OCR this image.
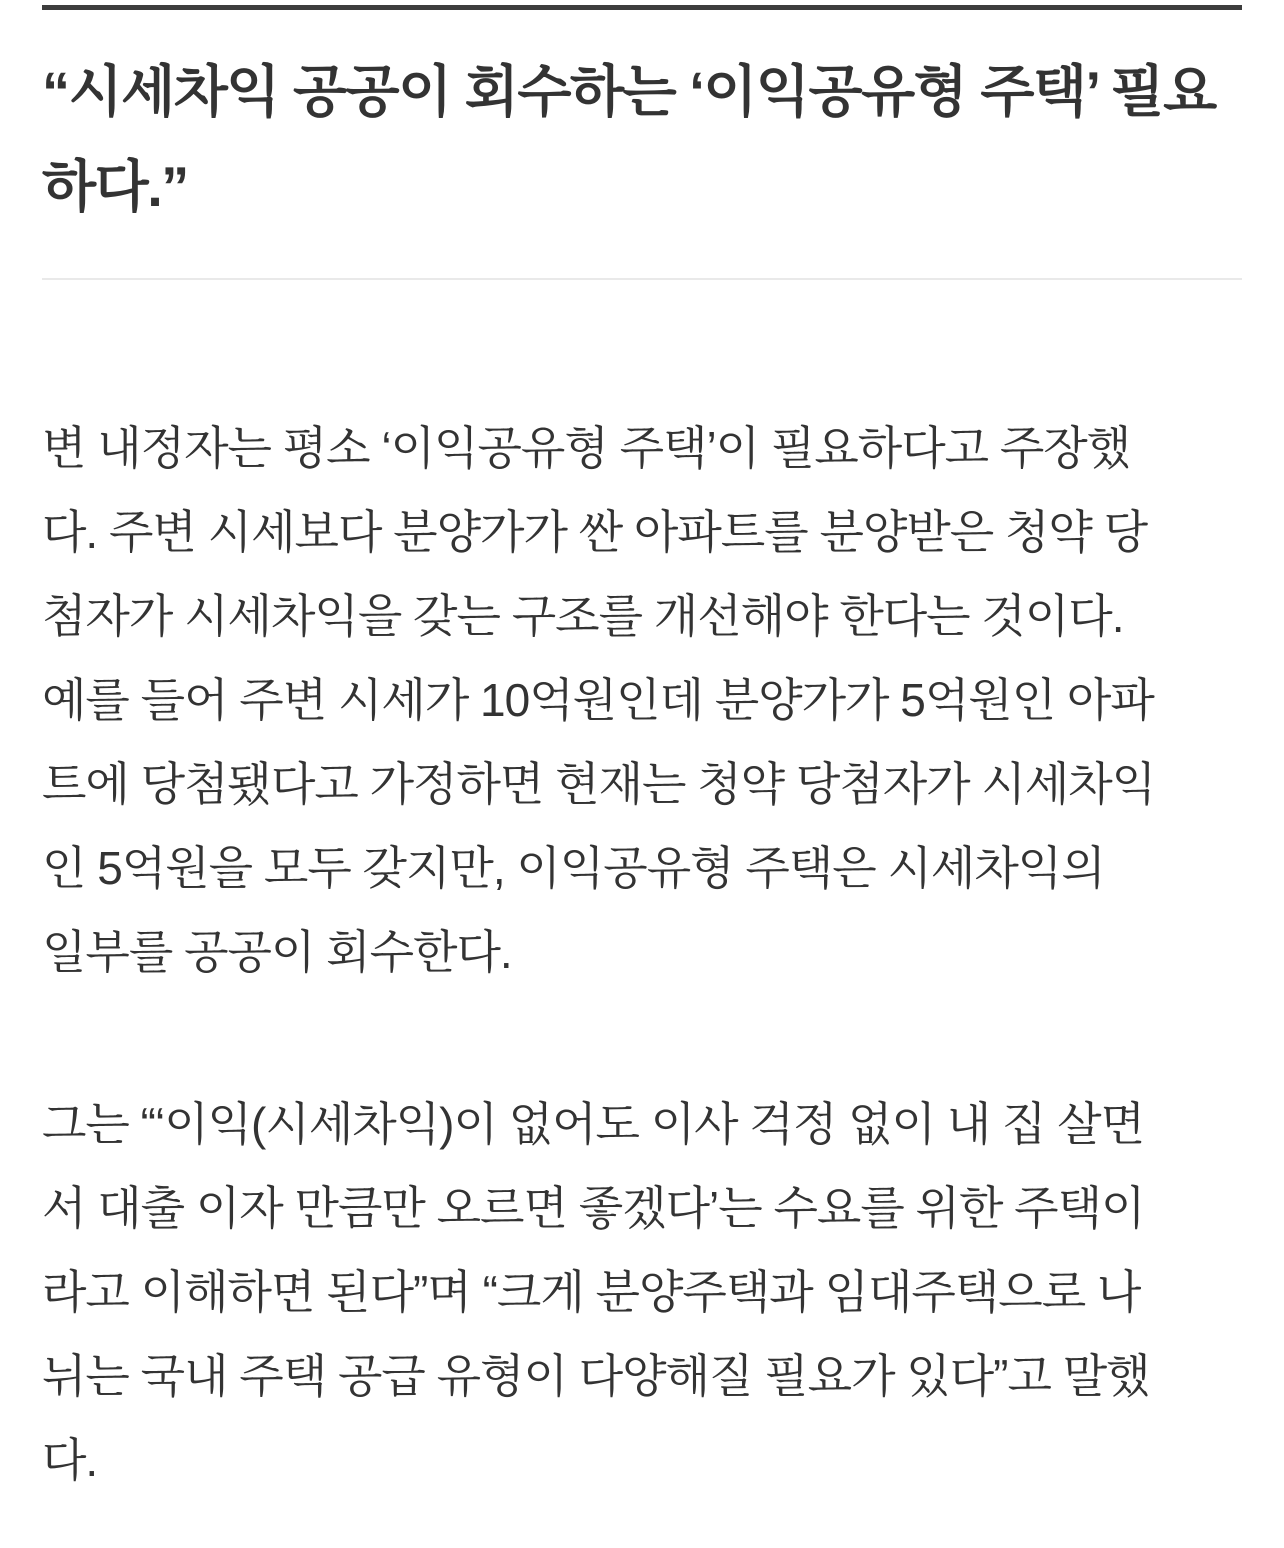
“시세차익 공공이 회수하는 ‘이익공유형 주택’ 필요
하다.”
변 내정자는 평소 ‘이익공유형 주택’이 필요하다고 주장했
다. 주변 시세보다 분양가가 싼 아파트를 분양받은 청약 당
첨자가 시세차익을 갖는 구조를 개선해야 한다는 것이다.
예를 들어 주변 시세가 10억원인데 분양가가 5억원인 아파
트에 당첨됐다고 가정하면 현재는 청약 당첨자가 시세차익
인 5억원을 모두 갖지만, 이익공유형 주택은 시세차익의
일부를 공공이 회수한다.
그는 “‘이익(시세차익)이 없어도 이사 걱정 없이 내 집 살면
서 대출 이자 만큼만 오르면 좋겠다’는 수요를 위한 주택이
라고 이해하면 된다”며 “크게 분양주택과 임대주택으로 나
뉘는 국내 주택 공급 유형이 다양해질 필요가 있다”고 말했
다.
